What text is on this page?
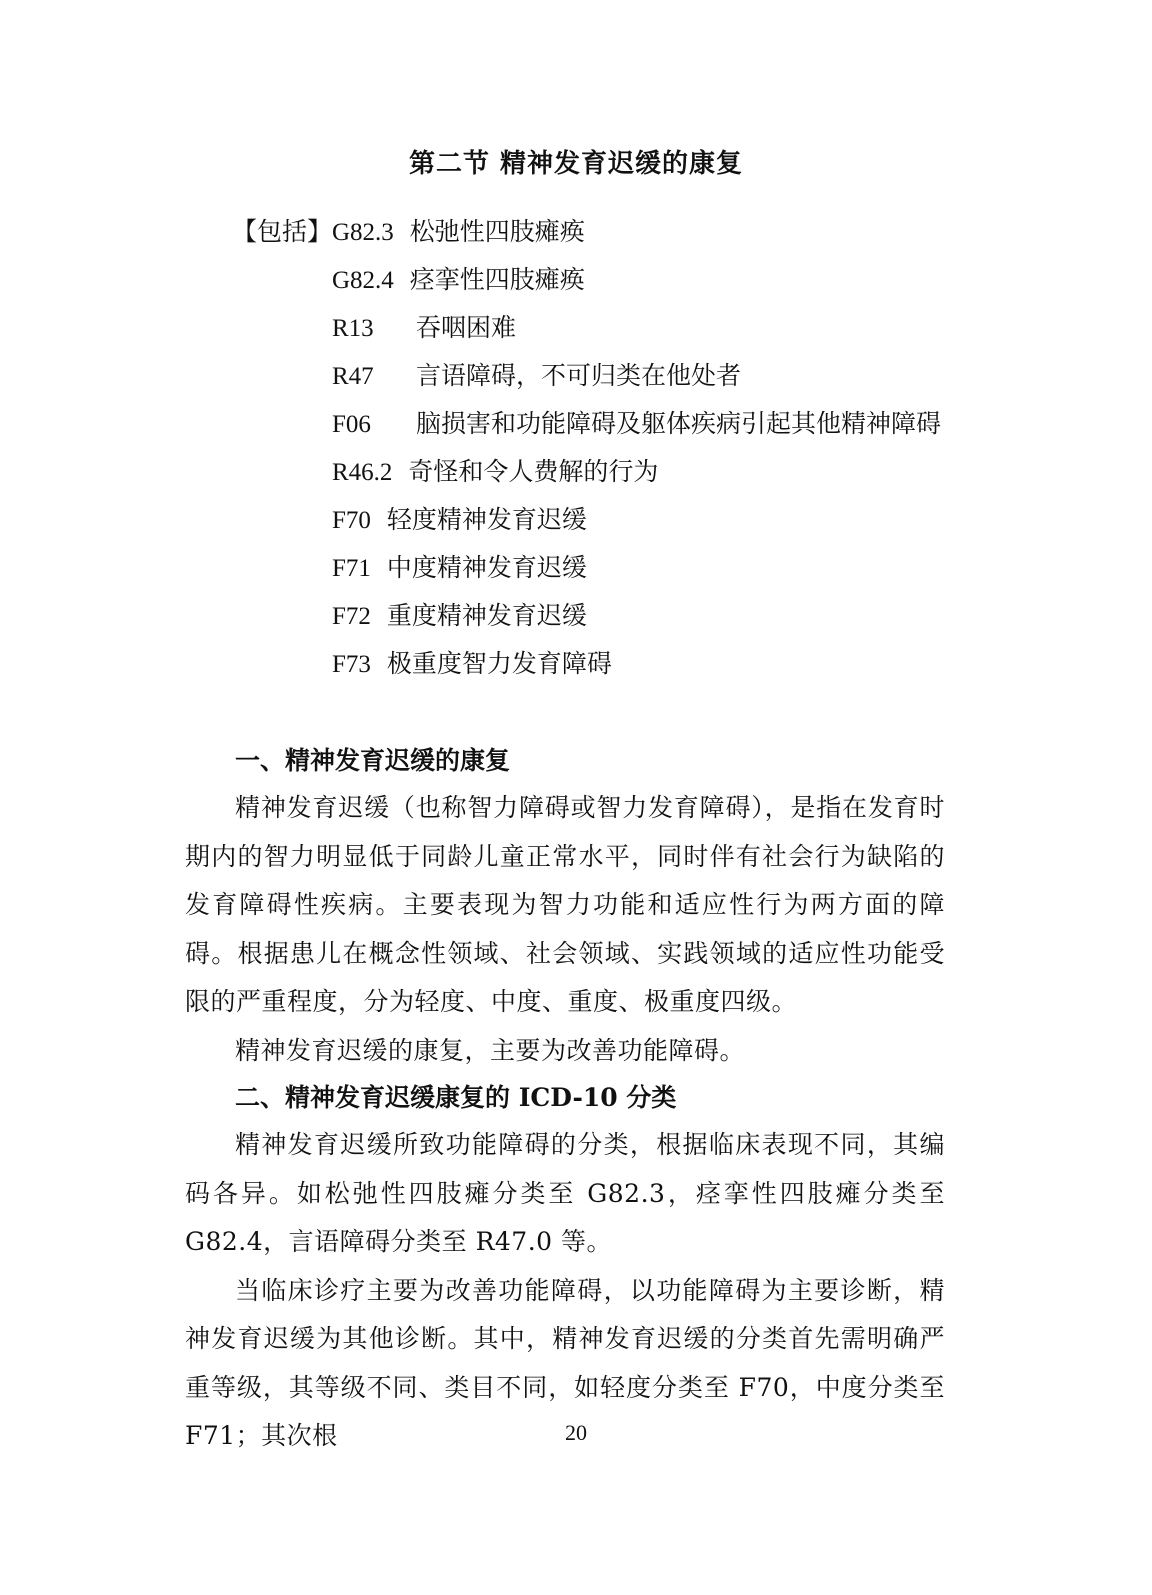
第二节 精神发育迟缓的康复
【包括】 G82.3 松弛性四肢瘫痪
G82.4 痉挛性四肢瘫痪
R13 吞咽困难
R47 言语障碍，不可归类在他处者
F06 脑损害和功能障碍及躯体疾病引起其他精神障碍
R46.2 奇怪和令人费解的行为
F70 轻度精神发育迟缓
F71 中度精神发育迟缓
F72 重度精神发育迟缓
F73 极重度智力发育障碍

一、精神发育迟缓的康复

精神发育迟缓（也称智力障碍或智力发育障碍），是指在发育时期内的智力明显低于同龄儿童正常水平，同时伴有社会行为缺陷的发育障碍性疾病。主要表现为智力功能和适应性行为两方面的障碍。根据患儿在概念性领域、社会领域、实践领域的适应性功能受限的严重程度，分为轻度、中度、重度、极重度四级。

精神发育迟缓的康复，主要为改善功能障碍。

二、精神发育迟缓康复的 ICD-10 分类

精神发育迟缓所致功能障碍的分类，根据临床表现不同，其编码各异。如松弛性四肢瘫分类至 G82.3，痉挛性四肢瘫分类至 G82.4，言语障碍分类至 R47.0 等。

当临床诊疗主要为改善功能障碍，以功能障碍为主要诊断，精神发育迟缓为其他诊断。其中，精神发育迟缓的分类首先需明确严重等级，其等级不同、类目不同，如轻度分类至 F70，中度分类至 F71；其次根	20
